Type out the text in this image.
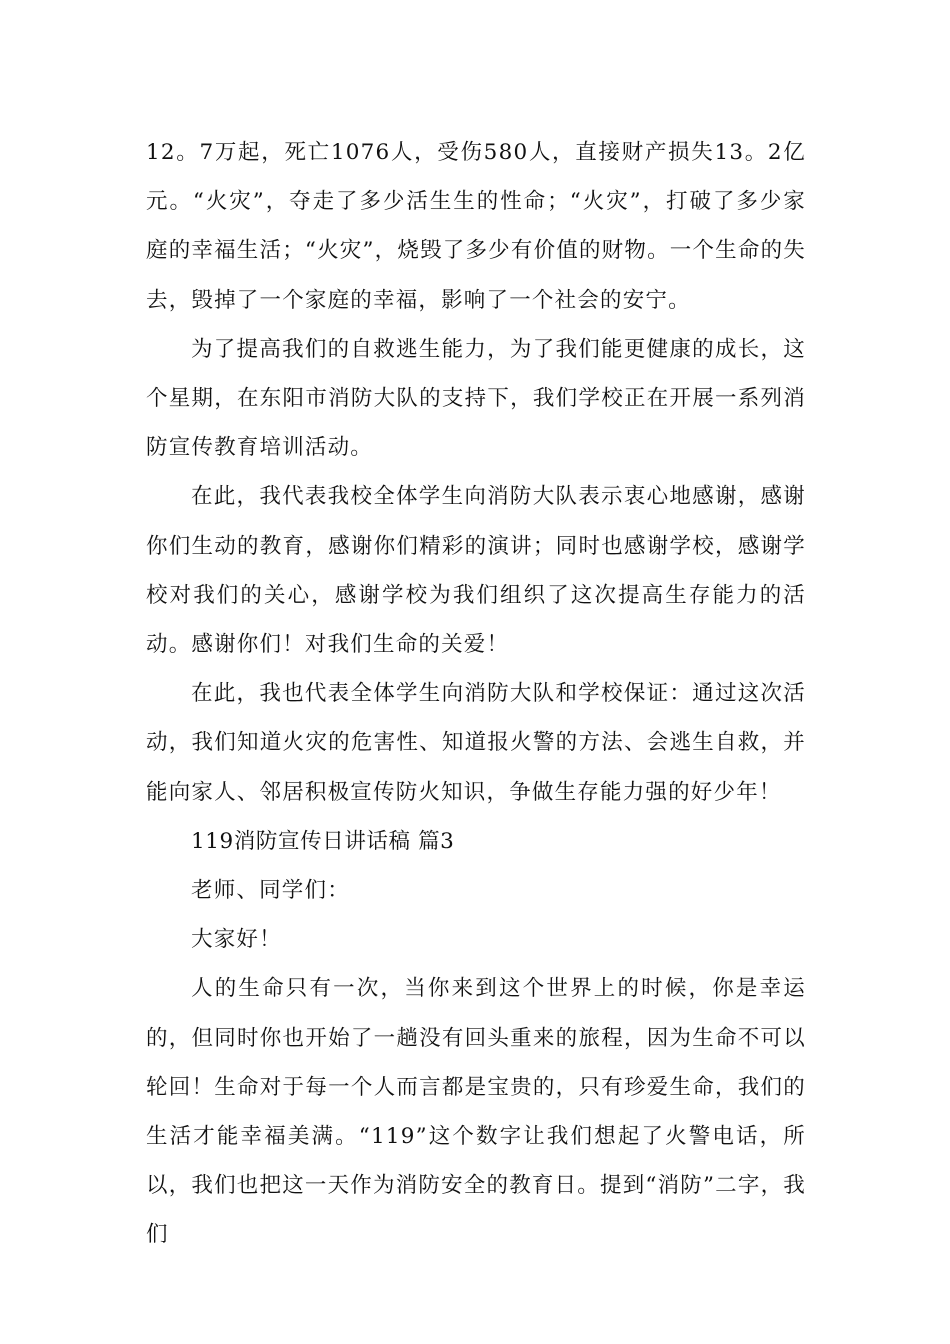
12。7万起，死亡1076人，受伤580人，直接财产损失13。2亿元。“火灾”，夺走了多少活生生的性命；“火灾”，打破了多少家庭的幸福生活；“火灾”，烧毁了多少有价值的财物。一个生命的失去，毁掉了一个家庭的幸福，影响了一个社会的安宁。

为了提高我们的自救逃生能力，为了我们能更健康的成长，这个星期，在东阳市消防大队的支持下，我们学校正在开展一系列消防宣传教育培训活动。

在此，我代表我校全体学生向消防大队表示衷心地感谢，感谢你们生动的教育，感谢你们精彩的演讲；同时也感谢学校，感谢学校对我们的关心，感谢学校为我们组织了这次提高生存能力的活动。感谢你们！对我们生命的关爱！

在此，我也代表全体学生向消防大队和学校保证：通过这次活动，我们知道火灾的危害性、知道报火警的方法、会逃生自救，并能向家人、邻居积极宣传防火知识，争做生存能力强的好少年！

119消防宣传日讲话稿 篇3

老师、同学们：

大家好！

人的生命只有一次，当你来到这个世界上的时候，你是幸运的，但同时你也开始了一趟没有回头重来的旅程，因为生命不可以轮回！生命对于每一个人而言都是宝贵的，只有珍爱生命，我们的生活才能幸福美满。“119”这个数字让我们想起了火警电话，所以，我们也把这一天作为消防安全的教育日。提到“消防”二字，我们
